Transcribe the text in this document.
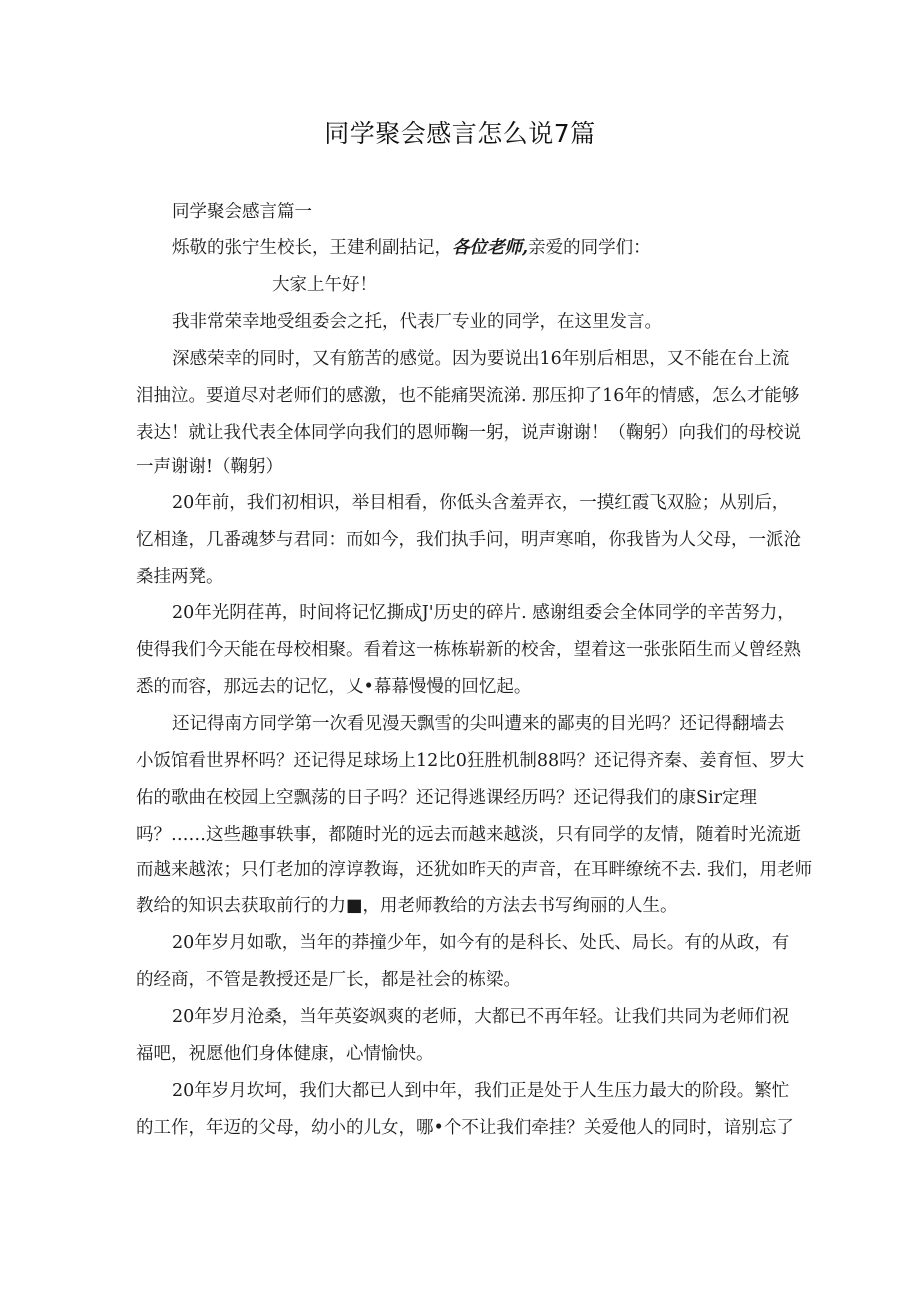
同学聚会感言怎么说7篇
同学聚会感言篇一
烁敬的张宁生校长，王建利副拈记，各位老师,亲爱的同学们：
大家上午好！
我非常荣幸地受组委会之托，代表厂专业的同学，在这里发言。
深感荣幸的同时，又有筋苦的感觉。因为要说出16年别后相思，又不能在台上流
泪抽泣。要道尽对老师们的感激，也不能痛哭流涕. 那压抑了16年的情感，怎么才能够
表达！就让我代表全体同学向我们的恩师鞠一躬，说声谢谢！（鞠躬）向我们的母校说
一声谢谢!（鞠躬）
20年前，我们初相识，举目相看，你低头含羞弄衣，一摸红霞飞双脸；从别后，
忆相逢，几番魂梦与君同：而如今，我们执手问，明声寒咱，你我皆为人父母，一派沧
桑挂两凳。
20年光阴荏苒，时间将记忆撕成J'历史的碎片. 感谢组委会全体同学的辛苦努力，
使得我们今天能在母校相聚。看着这一栋栋崭新的校舍，望着这一张张陌生而乂曾经熟
悉的而容，那远去的记忆，乂•幕幕慢慢的回忆起。
还记得南方同学第一次看见漫天飘雪的尖叫遭来的鄙夷的目光吗？还记得翻墙去
小饭馆看世界杯吗？还记得足球场上12比0狂胜机制88吗？还记得齐秦、姜育恒、罗大
佑的歌曲在校园上空飘荡的日子吗？还记得逃课经历吗？还记得我们的康Sir定理
吗？……这些趣事轶事，都随时光的远去而越来越淡，只有同学的友情，随着时光流逝
而越来越浓；只仃老加的淳谆教诲，还犹如昨天的声音，在耳畔缭统不去. 我们，用老师
教给的知识去获取前行的力■，用老师教给的方法去书写绚丽的人生。
20年岁月如歌，当年的莽撞少年，如今有的是科长、处氏、局长。有的从政，有
的经商，不管是教授还是厂长，都是社会的栋梁。
20年岁月沧桑，当年英姿飒爽的老师，大都已不再年轻。让我们共同为老师们祝
福吧，祝愿他们身体健康，心情愉快。
20年岁月坎坷，我们大都已人到中年，我们正是处于人生压力最大的阶段。繁忙
的工作，年迈的父母，幼小的儿女，哪•个不让我们牵挂？关爱他人的同时，谙别忘了
